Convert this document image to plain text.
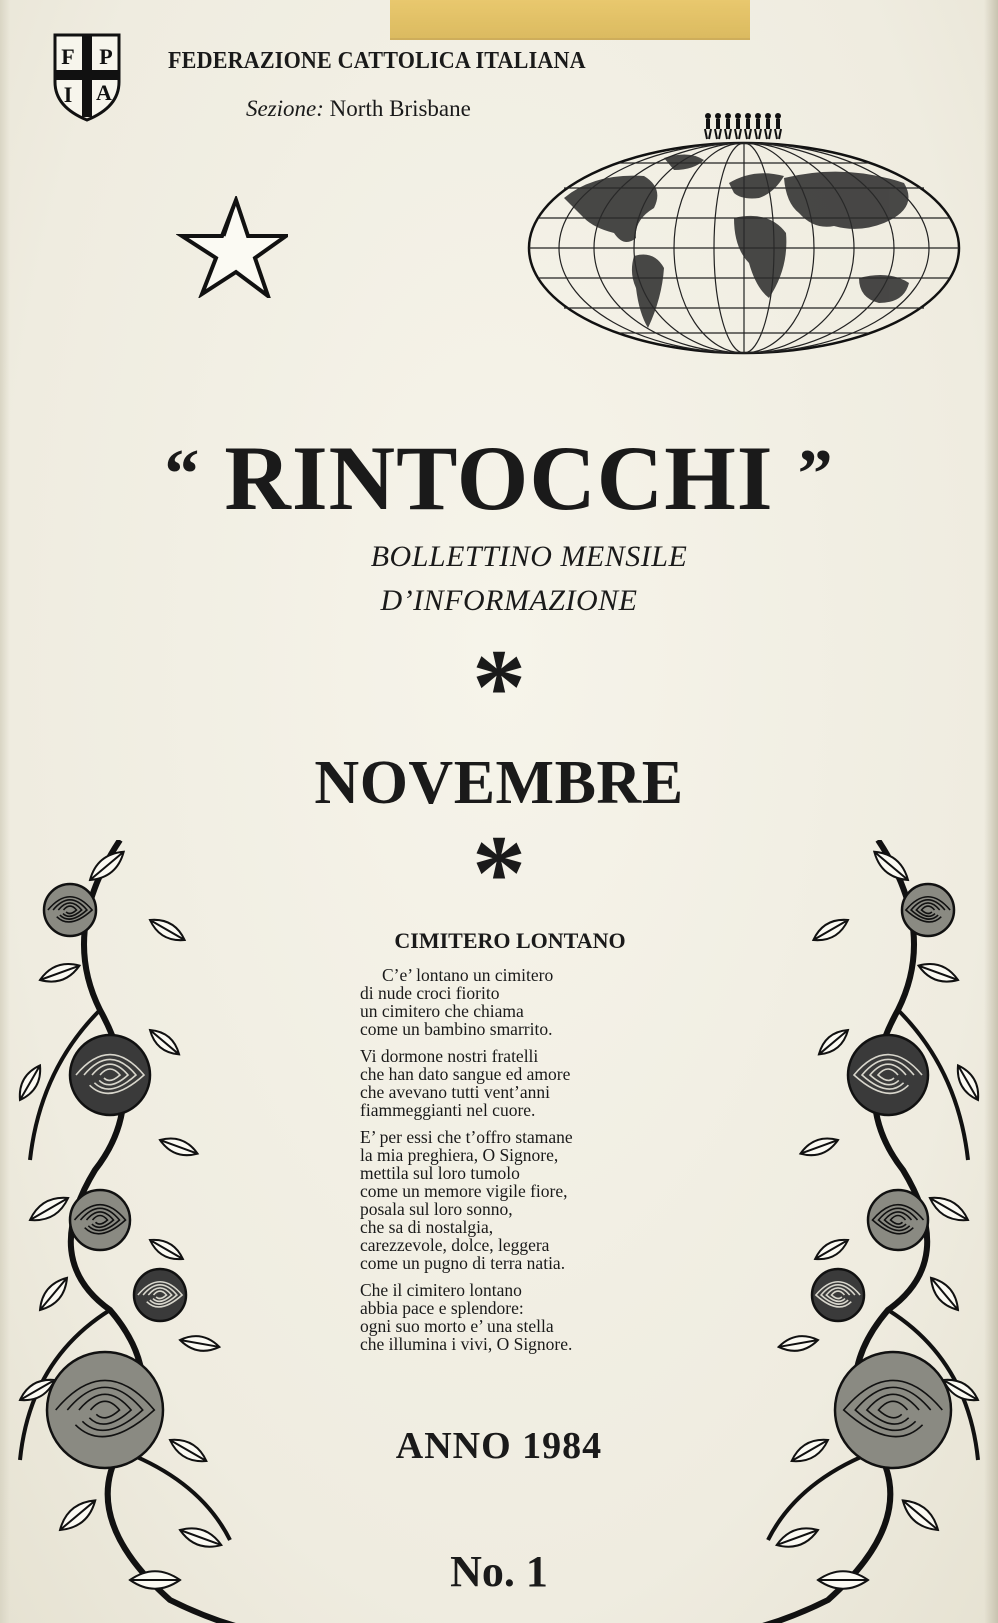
F P
I A
FEDERAZIONE CATTOLICA ITALIANA
Sezione: North Brisbane
“ RINTOCCHI ”
BOLLETTINO MENSILE
D’INFORMAZIONE
*
NOVEMBRE
*
CIMITERO LONTANO
C’e’ lontano un cimitero
di nude croci fiorito
un cimitero che chiama
come un bambino smarrito.
Vi dormone nostri fratelli
che han dato sangue ed amore
che avevano tutti vent’anni
fiammeggianti nel cuore.
E’ per essi che t’offro stamane
la mia preghiera, O Signore,
mettila sul loro tumolo
come un memore vigile fiore,
posala sul loro sonno,
che sa di nostalgia,
carezzevole, dolce, leggera
come un pugno di terra natia.
Che il cimitero lontano
abbia pace e splendore:
ogni suo morto e’ una stella
che illumina i vivi, O Signore.
ANNO 1984
No. 1
